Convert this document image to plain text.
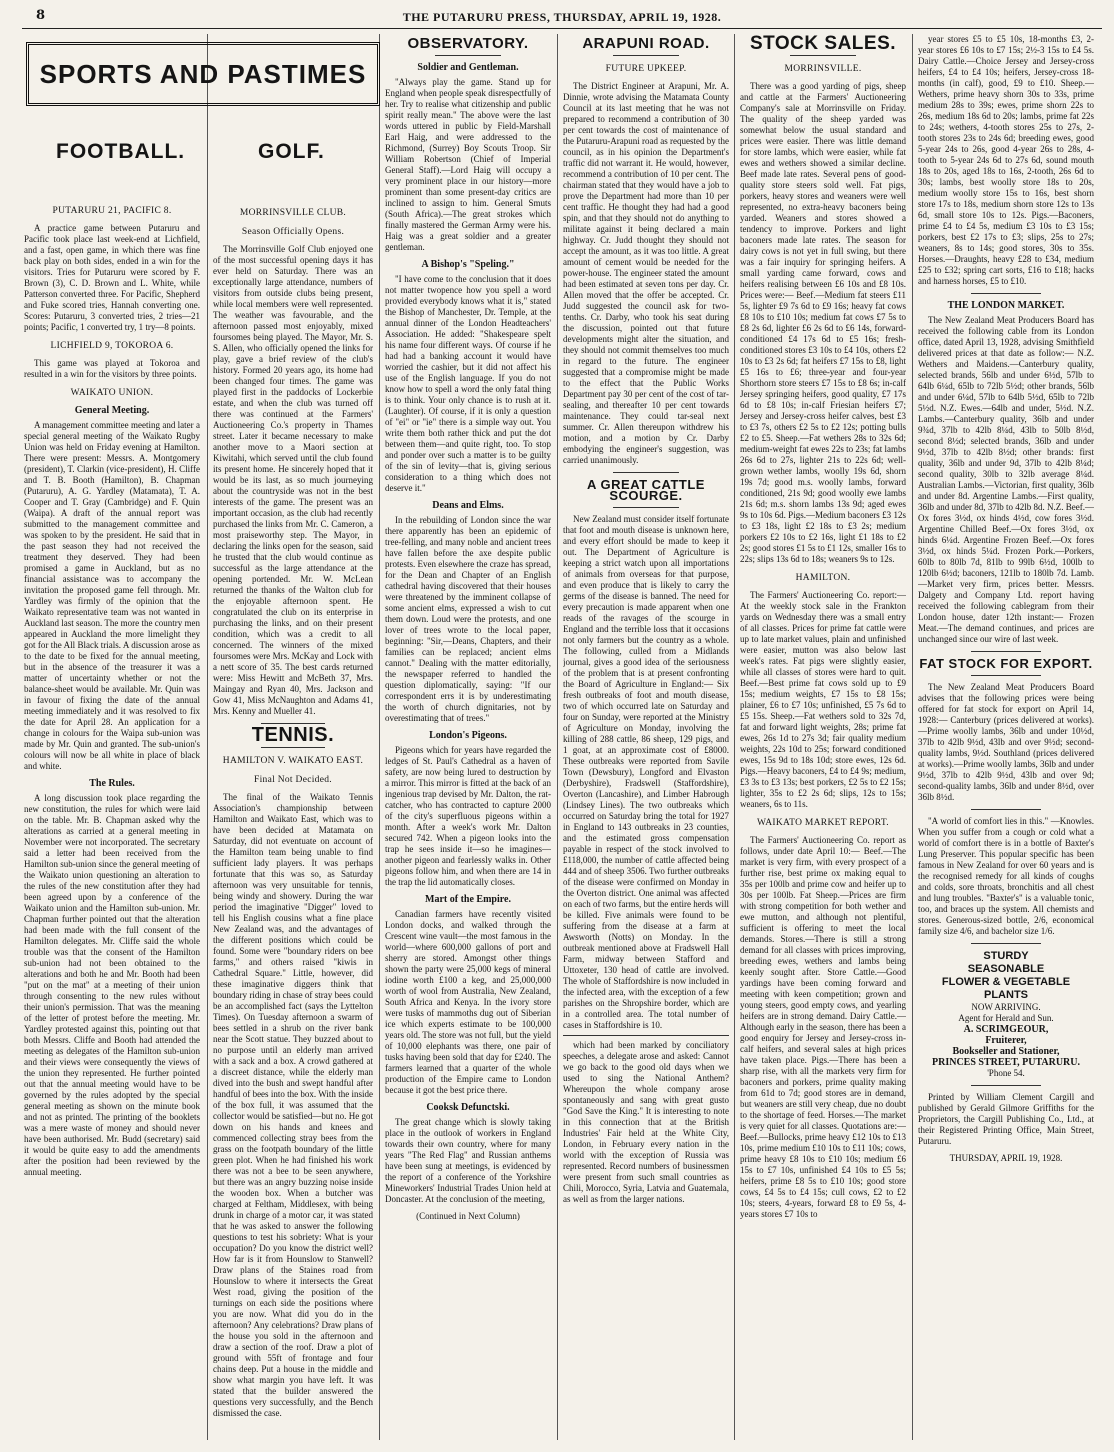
8	THE PUTARURU PRESS, THURSDAY, APRIL 19, 1928.
SPORTS AND PASTIMES
FOOTBALL.	GOLF.
PUTARURU 21, PACIFIC 8.

A practice game between Putaruru and Pacific took place last week-end at Lichfield, and a fast, open game, in which there was fine back play on both sides, ended in a win for the visitors. Tries for Putaruru were scored by F. Brown (3), C. D. Brown and L. White, while Patterson converted three. For Pacific, Shepherd and Fuke scored tries, Hannah converting one. Scores: Putaruru, 3 converted tries, 2 tries—21 points; Pacific, 1 converted try, 1 try—8 points.

LICHFIELD 9, TOKOROA 6.

This game was played at Tokoroa and resulted in a win for the visitors by three points.

WAIKATO UNION.
General Meeting.

A management committee meeting and later a special general meeting of the Waikato Rugby Union was held on Friday evening at Hamilton. There were present: Messrs. A. Montgomery (president), T. Clarkin (vice-president), H. Cliffe and T. B. Booth (Hamilton), B. Chapman (Putaruru), A. G. Yardley (Matamata), T. A. Cooper and T. Gray (Cambridge) and F. Quin (Waipa). A draft of the annual report was submitted to the management committee and was spoken to by the president. He said that in the past season they had not received the treatment they deserved. They had been promised a game in Auckland, but as no financial assistance was to accompany the invitation the proposed game fell through. Mr. Yardley was firmly of the opinion that the Waikato representative team was not wanted in Auckland last season. The more the country men appeared in Auckland the more limelight they got for the All Black trials. A discussion arose as to the date to be fixed for the annual meeting, but in the absence of the treasurer it was a matter of uncertainty whether or not the balance-sheet would be available. Mr. Quin was in favour of fixing the date of the annual meeting immediately and it was resolved to fix the date for April 28. An application for a change in colours for the Waipa sub-union was made by Mr. Quin and granted. The sub-union's colours will now be all white in place of black and white.

The Rules.

A long discussion took place regarding the new constitution, the rules for which were laid on the table. Mr. B. Chapman asked why the alterations as carried at a general meeting in November were not incorporated. The secretary said a letter had been received from the Hamilton sub-union since the general meeting of the Waikato union questioning an alteration to the rules of the new constitution after they had been agreed upon by a conference of the Waikato union and the Hamilton sub-union. Mr. Chapman further pointed out that the alteration had been made with the full consent of the Hamilton delegates. Mr. Cliffe said the whole trouble was that the consent of the Hamilton sub-union had not been obtained to the alterations and both he and Mr. Booth had been "put on the mat" at a meeting of their union through consenting to the new rules without their union's permission. That was the meaning of the letter of protest before the meeting. Mr. Yardley protested against this, pointing out that both Messrs. Cliffe and Booth had attended the meeting as delegates of the Hamilton sub-union and their views were consequently the views of the union they represented. He further pointed out that the annual meeting would have to be governed by the rules adopted by the special general meeting as shown on the minute book and not as printed. The printing of the booklets was a mere waste of money and should never have been authorised. Mr. Budd (secretary) said it would be quite easy to add the amendments after the position had been reviewed by the annual meeting.

MORRINSVILLE CLUB.
Season Officially Opens.

The Morrinsville Golf Club enjoyed one of the most successful opening days it has ever held on Saturday. There was an exceptionally large attendance, numbers of visitors from outside clubs being present, while local members were well represented. The weather was favourable, and the afternoon passed most enjoyably, mixed foursomes being played. The Mayor, Mr. S. S. Allen, who officially opened the links for play, gave a brief review of the club's history. Formed 20 years ago, its home had been changed four times. The game was played first in the paddocks of Lockerbie estate, and when the club was turned off there was continued at the Farmers' Auctioneering Co.'s property in Thames street. Later it became necessary to make another move to a Maori section at Kiwitahi, which served until the club found its present home. He sincerely hoped that it would be its last, as so much journeying about the countryside was not in the best interests of the game. The present was an important occasion, as the club had recently purchased the links from Mr. C. Cameron, a most praiseworthy step. The Mayor, in declaring the links open for the season, said he trusted that the club would continue as successful as the large attendance at the opening portended. Mr. W. McLean returned the thanks of the Walton club for the enjoyable afternoon spent. He congratulated the club on its enterprise in purchasing the links, and on their present condition, which was a credit to all concerned. The winners of the mixed foursomes were Mrs. McKay and Lock with a nett score of 35. The best cards returned were: Miss Hewitt and McBeth 37, Mrs. Maingay and Ryan 40, Mrs. Jackson and Gow 41, Miss McNaughton and Adams 41, Mrs. Kenny and Mueller 41.

TENNIS.
HAMILTON V. WAIKATO EAST.
Final Not Decided.

The final of the Waikato Tennis Association's championship between Hamilton and Waikato East, which was to have been decided at Matamata on Saturday, did not eventuate on account of the Hamilton team being unable to find sufficient lady players. It was perhaps fortunate that this was so, as Saturday afternoon was very unsuitable for tennis, being windy and showery. During the war period the imaginative "Digger" loved to tell his English cousins what a fine place New Zealand was, and the advantages of the different positions which could be found. Some were "boundary riders on bee farms," and others raised "kiwis in Cathedral Square." Little, however, did these imaginative diggers think that boundary riding in chase of stray bees could be an accomplished fact (says the Lyttelton Times). On Tuesday afternoon a swarm of bees settled in a shrub on the river bank near the Scott statue. They buzzed about to no purpose until an elderly man arrived with a sack and a box. A crowd gathered at a discreet distance, while the elderly man dived into the bush and swept handful after handful of bees into the box. With the inside of the box full, it was assumed that the collector would be satisfied—but no. He got down on his hands and knees and commenced collecting stray bees from the grass on the footpath boundary of the little green plot. When he had finished his work there was not a bee to be seen anywhere, but there was an angry buzzing noise inside the wooden box. When a butcher was charged at Feltham, Middlesex, with being drunk in charge of a motor car, it was stated that he was asked to answer the following questions to test his sobriety: What is your occupation? Do you know the district well? How far is it from Hounslow to Stanwell? Draw plans of the Staines road from Hounslow to where it intersects the Great West road, giving the position of the turnings on each side the positions where you are now. What did you do in the afternoon? Any celebrations? Draw plans of the house you sold in the afternoon and draw a section of the roof. Draw a plot of ground with 55ft of frontage and four chains deep. Put a house in the middle and show what margin you have left. It was stated that the builder answered the questions very successfully, and the Bench dismissed the case.

OBSERVATORY.
Soldier and Gentleman.

"Always play the game. Stand up for England when people speak disrespectfully of her. Try to realise what citizenship and public spirit really mean." The above were the last words uttered in public by Field-Marshall Earl Haig, and were addressed to the Richmond, (Surrey) Boy Scouts Troop. Sir William Robertson (Chief of Imperial General Staff).—Lord Haig will occupy a very prominent place in our history—more prominent than some present-day critics are inclined to assign to him. General Smuts (South Africa).—The great strokes which finally mastered the German Army were his. Haig was a great soldier and a greater gentleman.

A Bishop's "Speling."

"I have come to the conclusion that it does not matter twopence how you spell a word provided everybody knows what it is," stated the Bishop of Manchester, Dr. Temple, at the annual dinner of the London Headteachers' Association. He added: "Shakespeare spelt his name four different ways. Of course if he had had a banking account it would have worried the cashier, but it did not affect his use of the English language. If you do not know how to spell a word the only fatal thing is to think. Your only chance is to rush at it. (Laughter). Of course, if it is only a question of "ei" or "ie" there is a simple way out. You write them both rather thick and put the dot between them—and quite right, too. To stop and ponder over such a matter is to be guilty of the sin of levity—that is, giving serious consideration to a thing which does not deserve it."

Deans and Elms.

In the rebuilding of London since the war there apparently has been an epidemic of tree-felling, and many noble and ancient trees have fallen before the axe despite public protests. Even elsewhere the craze has spread, for the Dean and Chapter of an English cathedral having discovered that their houses were threatened by the imminent collapse of some ancient elms, expressed a wish to cut them down. Loud were the protests, and one lover of trees wrote to the local paper, beginning: "Sir,—Deans, Chapters, and their families can be replaced; ancient elms cannot." Dealing with the matter editorially, the newspaper referred to handled the question diplomatically, saying: "If our correspondent errs it is by underestimating the worth of church dignitaries, not by overestimating that of trees."

London's Pigeons.

Pigeons which for years have regarded the ledges of St. Paul's Cathedral as a haven of safety, are now being lured to destruction by a mirror. This mirror is fitted at the back of an ingenious trap devised by Mr. Dalton, the rat-catcher, who has contracted to capture 2000 of the city's superfluous pigeons within a month. After a week's work Mr. Dalton secured 742. When a pigeon looks into the trap he sees inside it—so he imagines—another pigeon and fearlessly walks in. Other pigeons follow him, and when there are 14 in the trap the lid automatically closes.

Mart of the Empire.

Canadian farmers have recently visited London docks, and walked through the Crescent wine vault—the most famous in the world—where 600,000 gallons of port and sherry are stored. Amongst other things shown the party were 25,000 kegs of mineral iodine worth £100 a keg, and 25,000,000 worth of wool from Australia, New Zealand, South Africa and Kenya. In the ivory store were tusks of mammoths dug out of Siberian ice which experts estimate to be 100,000 years old. The store was not full, but the yield of 10,000 elephants was there, one pair of tusks having been sold that day for £240. The farmers learned that a quarter of the whole production of the Empire came to London because it got the best price there.

Cooksk Defunctski.

The great change which is slowly taking place in the outlook of workers in England towards their own country, where for many years "The Red Flag" and Russian anthems have been sung at meetings, is evidenced by the report of a conference of the Yorkshire Mineworkers' Industrial Trades Union held at Doncaster. At the conclusion of the meeting,

(Continued in Next Column)
ARAPUNI ROAD.
FUTURE UPKEEP.

The District Engineer at Arapuni, Mr. A. Dinnie, wrote advising the Matamata County Council at its last meeting that he was not prepared to recommend a contribution of 30 per cent towards the cost of maintenance of the Putaruru-Arapuni road as requested by the council, as in his opinion the Department's traffic did not warrant it. He would, however, recommend a contribution of 10 per cent. The chairman stated that they would have a job to prove the Department had more than 10 per cent traffic. He thought they had had a good spin, and that they should not do anything to militate against it being declared a main highway. Cr. Judd thought they should not accept the amount, as it was too little. A great amount of cement would be needed for the power-house. The engineer stated the amount had been estimated at seven tons per day. Cr. Allen moved that the offer be accepted. Cr. Judd suggested the council ask for two-tenths. Cr. Darby, who took his seat during the discussion, pointed out that future developments might alter the situation, and they should not commit themselves too much in regard to the future. The engineer suggested that a compromise might be made to the effect that the Public Works Department pay 30 per cent of the cost of tar-sealing, and thereafter 10 per cent towards maintenance. They could tar-seal next summer. Cr. Allen thereupon withdrew his motion, and a motion by Cr. Darby embodying the engineer's suggestion, was carried unanimously.

A GREAT CATTLE SCOURGE.

New Zealand must consider itself fortunate that foot and mouth disease is unknown here, and every effort should be made to keep it out. The Department of Agriculture is keeping a strict watch upon all importations of animals from overseas for that purpose, and even produce that is likely to carry the germs of the disease is banned. The need for every precaution is made apparent when one reads of the ravages of the scourge in England and the terrible loss that it occasions not only farmers but the country as a whole. The following, culled from a Midlands journal, gives a good idea of the seriousness of the problem that is at present confronting the Board of Agriculture in England:— Six fresh outbreaks of foot and mouth disease, two of which occurred late on Saturday and four on Sunday, were reported at the Ministry of Agriculture on Monday, involving the killing of 288 cattle, 86 sheep, 129 pigs, and 1 goat, at an approximate cost of £8000. These outbreaks were reported from Savile Town (Dewsbury), Longford and Elvaston (Derbyshire), Fradswell (Staffordshire), Overton (Lancashire), and Limber Habrough (Lindsey Lines). The two outbreaks which occurred on Saturday bring the total for 1927 in England to 143 outbreaks in 23 counties, and the estimated gross compensation payable in respect of the stock involved to £118,000, the number of cattle affected being 444 and of sheep 3506. Two further outbreaks of the disease were confirmed on Monday in the Overton district. One animal was affected on each of two farms, but the entire herds will be killed. Five animals were found to be suffering from the disease at a farm at Awsworth (Notts) on Monday. In the outbreak mentioned above at Fradswell Hall Farm, midway between Stafford and Uttoxeter, 130 head of cattle are involved. The whole of Staffordshire is now included in the infected area, with the exception of a few parishes on the Shropshire border, which are in a controlled area. The total number of cases in Staffordshire is 10.

which had been marked by conciliatory speeches, a delegate arose and asked: Cannot we go back to the good old days when we used to sing the National Anthem? Whereupon the whole company arose spontaneously and sang with great gusto "God Save the King." It is interesting to note in this connection that at the British Industries' Fair held at the White City, London, in February every nation in the world with the exception of Russia was represented. Record numbers of businessmen were present from such small countries as Chili, Morocco, Syria, Latvia and Guatemala, as well as from the larger nations.

STOCK SALES.
MORRINSVILLE.

There was a good yarding of pigs, sheep and cattle at the Farmers' Auctioneering Company's sale at Morrinsville on Friday. The quality of the sheep yarded was somewhat below the usual standard and prices were easier. There was little demand for store lambs, which were easier, while fat ewes and wethers showed a similar decline. Beef made late rates. Several pens of good-quality store steers sold well. Fat pigs, porkers, heavy stores and weaners were well represented, no extra-heavy baconers being yarded. Weaners and stores showed a tendency to improve. Porkers and light baconers made late rates. The season for dairy cows is not yet in full swing, but there was a fair inquiry for springing heifers. A small yarding came forward, cows and heifers realising between £6 10s and £8 10s. Prices were:— Beef.—Medium fat steers £11 5s, lighter £9 7s 6d to £9 16s; heavy fat cows £8 10s to £10 10s; medium fat cows £7 5s to £8 2s 6d, lighter £6 2s 6d to £6 14s, forward-conditioned £4 17s 6d to £5 16s; fresh-conditioned stores £3 10s to £4 10s, others £2 10s to £3 2s 6d; fat heifers £7 15s to £8, light £5 16s to £6; three-year and four-year Shorthorn store steers £7 15s to £8 6s; in-calf Jersey springing heifers, good quality, £7 17s 6d to £8 10s; in-calf Friesian heifers £7; Jersey and Jersey-cross heifer calves, best £3 to £3 7s, others £2 5s to £2 12s; potting bulls £2 to £5. Sheep.—Fat wethers 28s to 32s 6d; medium-weight fat ewes 22s to 23s; fat lambs 26s 6d to 27s, lighter 21s to 22s 6d; well-grown wether lambs, woolly 19s 6d, shorn 19s 7d; good m.s. woolly lambs, forward conditioned, 21s 9d; good woolly ewe lambs 21s 6d; m.s. shorn lambs 13s 9d; aged ewes 9s to 10s 6d. Pigs.—Medium baconers £3 12s to £3 18s, light £2 18s to £3 2s; medium porkers £2 10s to £2 16s, light £1 18s to £2 2s; good stores £1 5s to £1 12s, smaller 16s to 22s; slips 13s 6d to 18s; weaners 9s to 12s.

HAMILTON.

The Farmers' Auctioneering Co. report:—At the weekly stock sale in the Frankton yards on Wednesday there was a small entry of all classes. Prices for prime fat cattle were up to late market values, plain and unfinished were easier, mutton was also below last week's rates. Fat pigs were slightly easier, while all classes of stores were hard to quit. Beef.—Best prime fat cows sold up to £9 15s; medium weights, £7 15s to £8 15s; plainer, £6 to £7 10s; unfinished, £5 7s 6d to £5 15s. Sheep.—Fat wethers sold to 32s 7d, fat and forward light weights, 28s; prime fat ewes, 26s 1d to 27s 3d; fair quality medium weights, 22s 10d to 25s; forward conditioned ewes, 15s 9d to 18s 10d; store ewes, 12s 6d. Pigs.—Heavy baconers, £4 to £4 9s; medium, £3 3s to £3 13s; best porkers, £2 5s to £2 15s; lighter, 35s to £2 2s 6d; slips, 12s to 15s; weaners, 6s to 11s.

WAIKATO MARKET REPORT.

The Farmers' Auctioneering Co. report as follows, under date April 10:— Beef.—The market is very firm, with every prospect of a further rise, best prime ox making equal to 35s per 100lb and prime cow and heifer up to 30s per 100lb. Fat Sheep.—Prices are firm with strong competition for both wether and ewe mutton, and although not plentiful, sufficient is offering to meet the local demands. Stores.—There is still a strong demand for all classes with prices improving, breeding ewes, wethers and lambs being keenly sought after. Store Cattle.—Good yardings have been coming forward and meeting with keen competition; grown and young steers, good empty cows, and yearling heifers are in strong demand. Dairy Cattle.—Although early in the season, there has been a good enquiry for Jersey and Jersey-cross in-calf heifers, and several sales at high prices have taken place. Pigs.—There has been a sharp rise, with all the markets very firm for baconers and porkers, prime quality making from 61d to 7d; good stores are in demand, but weaners are still very cheap, due no doubt to the shortage of feed. Horses.—The market is very quiet for all classes. Quotations are:— Beef.—Bullocks, prime heavy £12 10s to £13 10s, prime medium £10 10s to £11 10s; cows, prime heavy £8 10s to £10 10s; medium £6 15s to £7 10s, unfinished £4 10s to £5 5s; heifers, prime £8 5s to £10 10s; good store cows, £4 5s to £4 15s; cull cows, £2 to £2 10s; steers, 4-years, forward £8 to £9 5s, 4-years stores £7 10s to

year stores £5 to £5 10s, 18-months £3, 2-year stores £6 10s to £7 15s; 2½-3 15s to £4 5s. Dairy Cattle.—Choice Jersey and Jersey-cross heifers, £4 to £4 10s; heifers, Jersey-cross 18-months (in calf), good, £9 to £10. Sheep.—Wethers, prime heavy shorn 30s to 33s, prime medium 28s to 39s; ewes, prime shorn 22s to 26s, medium 18s 6d to 20s; lambs, prime fat 22s to 24s; wethers, 4-tooth stores 25s to 27s, 2-tooth stores 23s to 24s 6d; breeding ewes, good 5-year 24s to 26s, good 4-year 26s to 28s, 4-tooth to 5-year 24s 6d to 27s 6d, sound mouth 18s to 20s, aged 18s to 16s, 2-tooth, 26s 6d to 30s; lambs, best woolly store 18s to 20s, medium woolly store 15s to 16s, best shorn store 17s to 18s, medium shorn store 12s to 13s 6d, small store 10s to 12s. Pigs.—Baconers, prime £4 to £4 5s, medium £3 10s to £3 15s; porkers, best £2 17s to £3; slips, 25s to 27s; weaners, 8s to 14s; good stores, 30s to 35s. Horses.—Draughts, heavy £28 to £34, medium £25 to £32; spring cart sorts, £16 to £18; hacks and harness horses, £5 to £10.

THE LONDON MARKET.

The New Zealand Meat Producers Board has received the following cable from its London office, dated April 13, 1928, advising Smithfield delivered prices at that date as follow:— N.Z. Wethers and Maidens.—Canterbury quality, selected brands, 56lb and under 6½d, 57lb to 64lb 6¼d, 65lb to 72lb 5½d; other brands, 56lb and under 6¼d, 57lb to 64lb 5½d, 65lb to 72lb 5½d. N.Z. Ewes.—64lb and under, 5½d. N.Z. Lambs.—Canterbury quality, 36lb and under 9¾d, 37lb to 42lb 8¼d, 43lb to 50lb 8½d, second 8½d; selected brands, 36lb and under 9½d, 37lb to 42lb 8½d; other brands: first quality, 36lb and under 9d, 37lb to 42lb 8¼d; second quality, 30lb to 32lb average 8¼d. Australian Lambs.—Victorian, first quality, 36lb and under 8d. Argentine Lambs.—First quality, 36lb and under 8d, 37lb to 42lb 8d. N.Z. Beef.—Ox fores 3½d, ox hinds 4½d, cow fores 3½d. Argentine Chilled Beef.—Ox fores 3½d, ox hinds 6¼d. Argentine Frozen Beef.—Ox fores 3½d, ox hinds 5¼d. Frozen Pork.—Porkers, 60lb to 80lb 7d, 81lb to 99lb 6½d, 100lb to 120lb 6½d; baconers, 121lb to 180lb 7d. Lamb.—Market very firm, prices better. Messrs. Dalgety and Company Ltd. report having received the following cablegram from their London house, dater 12th instant:— Frozen Meat.—The demand continues, and prices are unchanged since our wire of last week.

FAT STOCK FOR EXPORT.

The New Zealand Meat Producers Board advises that the following prices were being offered for fat stock for export on April 14, 1928:— Canterbury (prices delivered at works).—Prime woolly lambs, 36lb and under 10½d, 37lb to 42lb 9½d, 43lb and over 9½d; second-quality lambs, 9½d. Southland (prices delivered at works).—Prime woolly lambs, 36lb and under 9½d, 37lb to 42lb 9½d, 43lb and over 9d; second-quality lambs, 36lb and under 8½d, over 36lb 8½d.

"A world of comfort lies in this." —Knowles. When you suffer from a cough or cold what a world of comfort there is in a bottle of Baxter's Lung Preserver. This popular specific has been famous in New Zealand for over 60 years and is the recognised remedy for all kinds of coughs and colds, sore throats, bronchitis and all chest and lung troubles. "Baxter's" is a valuable tonic, too, and braces up the system. All chemists and stores. Generous-sized bottle, 2/6, economical family size 4/6, and bachelor size 1/6.

STURDY
SEASONABLE
FLOWER & VEGETABLE
PLANTS
NOW ARRIVING.
Agent for Herald and Sun.
A. SCRIMGEOUR,
Fruiterer,
Bookseller and Stationer,
PRINCES STREET, PUTARURU.
'Phone 54.

Printed by William Clement Cargill and published by Gerald Gilmore Griffiths for the Proprietors, the Cargill Publishing Co., Ltd., at their Registered Printing Office, Main Street, Putaruru.

THURSDAY, APRIL 19, 1928.
